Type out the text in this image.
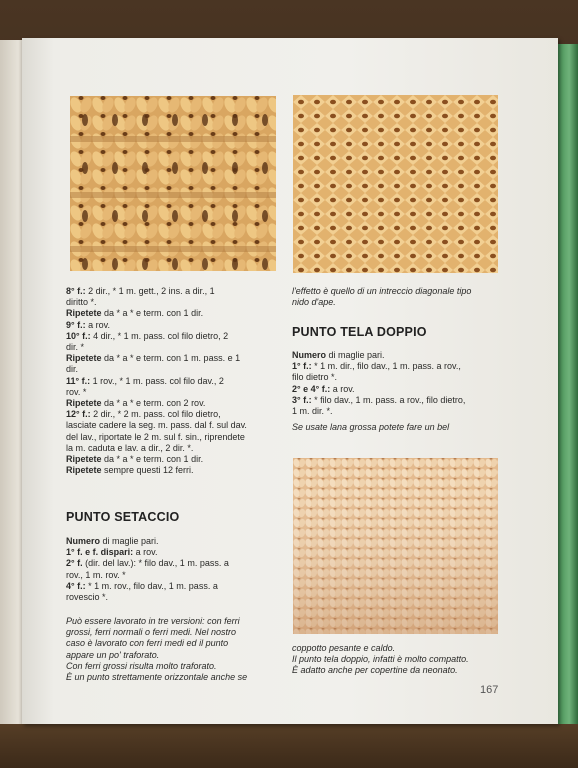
8° f.: 2 dir., * 1 m. gett., 2 ins. a dir., 1
diritto *.
Ripetete da * a * e term. con 1 dir.
9° f.: a rov.
10° f.: 4 dir., * 1 m. pass. col filo dietro, 2
dir. *
Ripetete da * a * e term. con 1 m. pass. e 1
dir.
11° f.: 1 rov., * 1 m. pass. col filo dav., 2
rov. *
Ripetete da * a * e term. con 2 rov.
12° f.: 2 dir., * 2 m. pass. col filo dietro,
lasciate cadere la seg. m. pass. dal f. sul dav.
del lav., riportate le 2 m. sul f. sin., riprendete
la m. caduta e lav. a dir., 2 dir. *.
Ripetete da * a * e term. con 1 dir.
Ripetete sempre questi 12 ferri.
PUNTO SETACCIO
Numero di maglie pari.
1° f. e f. dispari: a rov.
2° f. (dir. del lav.): * filo dav., 1 m. pass. a
rov., 1 m. rov. *
4° f.: * 1 m. rov., filo dav., 1 m. pass. a
rovescio *.
Può essere lavorato in tre versioni: con ferri
grossi, ferri normali o ferri medi. Nel nostro
caso è lavorato con ferri medi ed il punto
appare un po' traforato.
Con ferri grossi risulta molto traforato.
È un punto strettamente orizzontale anche se
l'effetto è quello di un intreccio diagonale tipo
nido d'ape.
PUNTO TELA DOPPIO
Numero di maglie pari.
1° f.: * 1 m. dir., filo dav., 1 m. pass. a rov.,
filo dietro *.
2° e 4° f.: a rov.
3° f.: * filo dav., 1 m. pass. a rov., filo dietro,
1 m. dir. *.
Se usate lana grossa potete fare un bel
coppotto pesante e caldo.
Il punto tela doppio, infatti è molto compatto.
È adatto anche per copertine da neonato.
167
